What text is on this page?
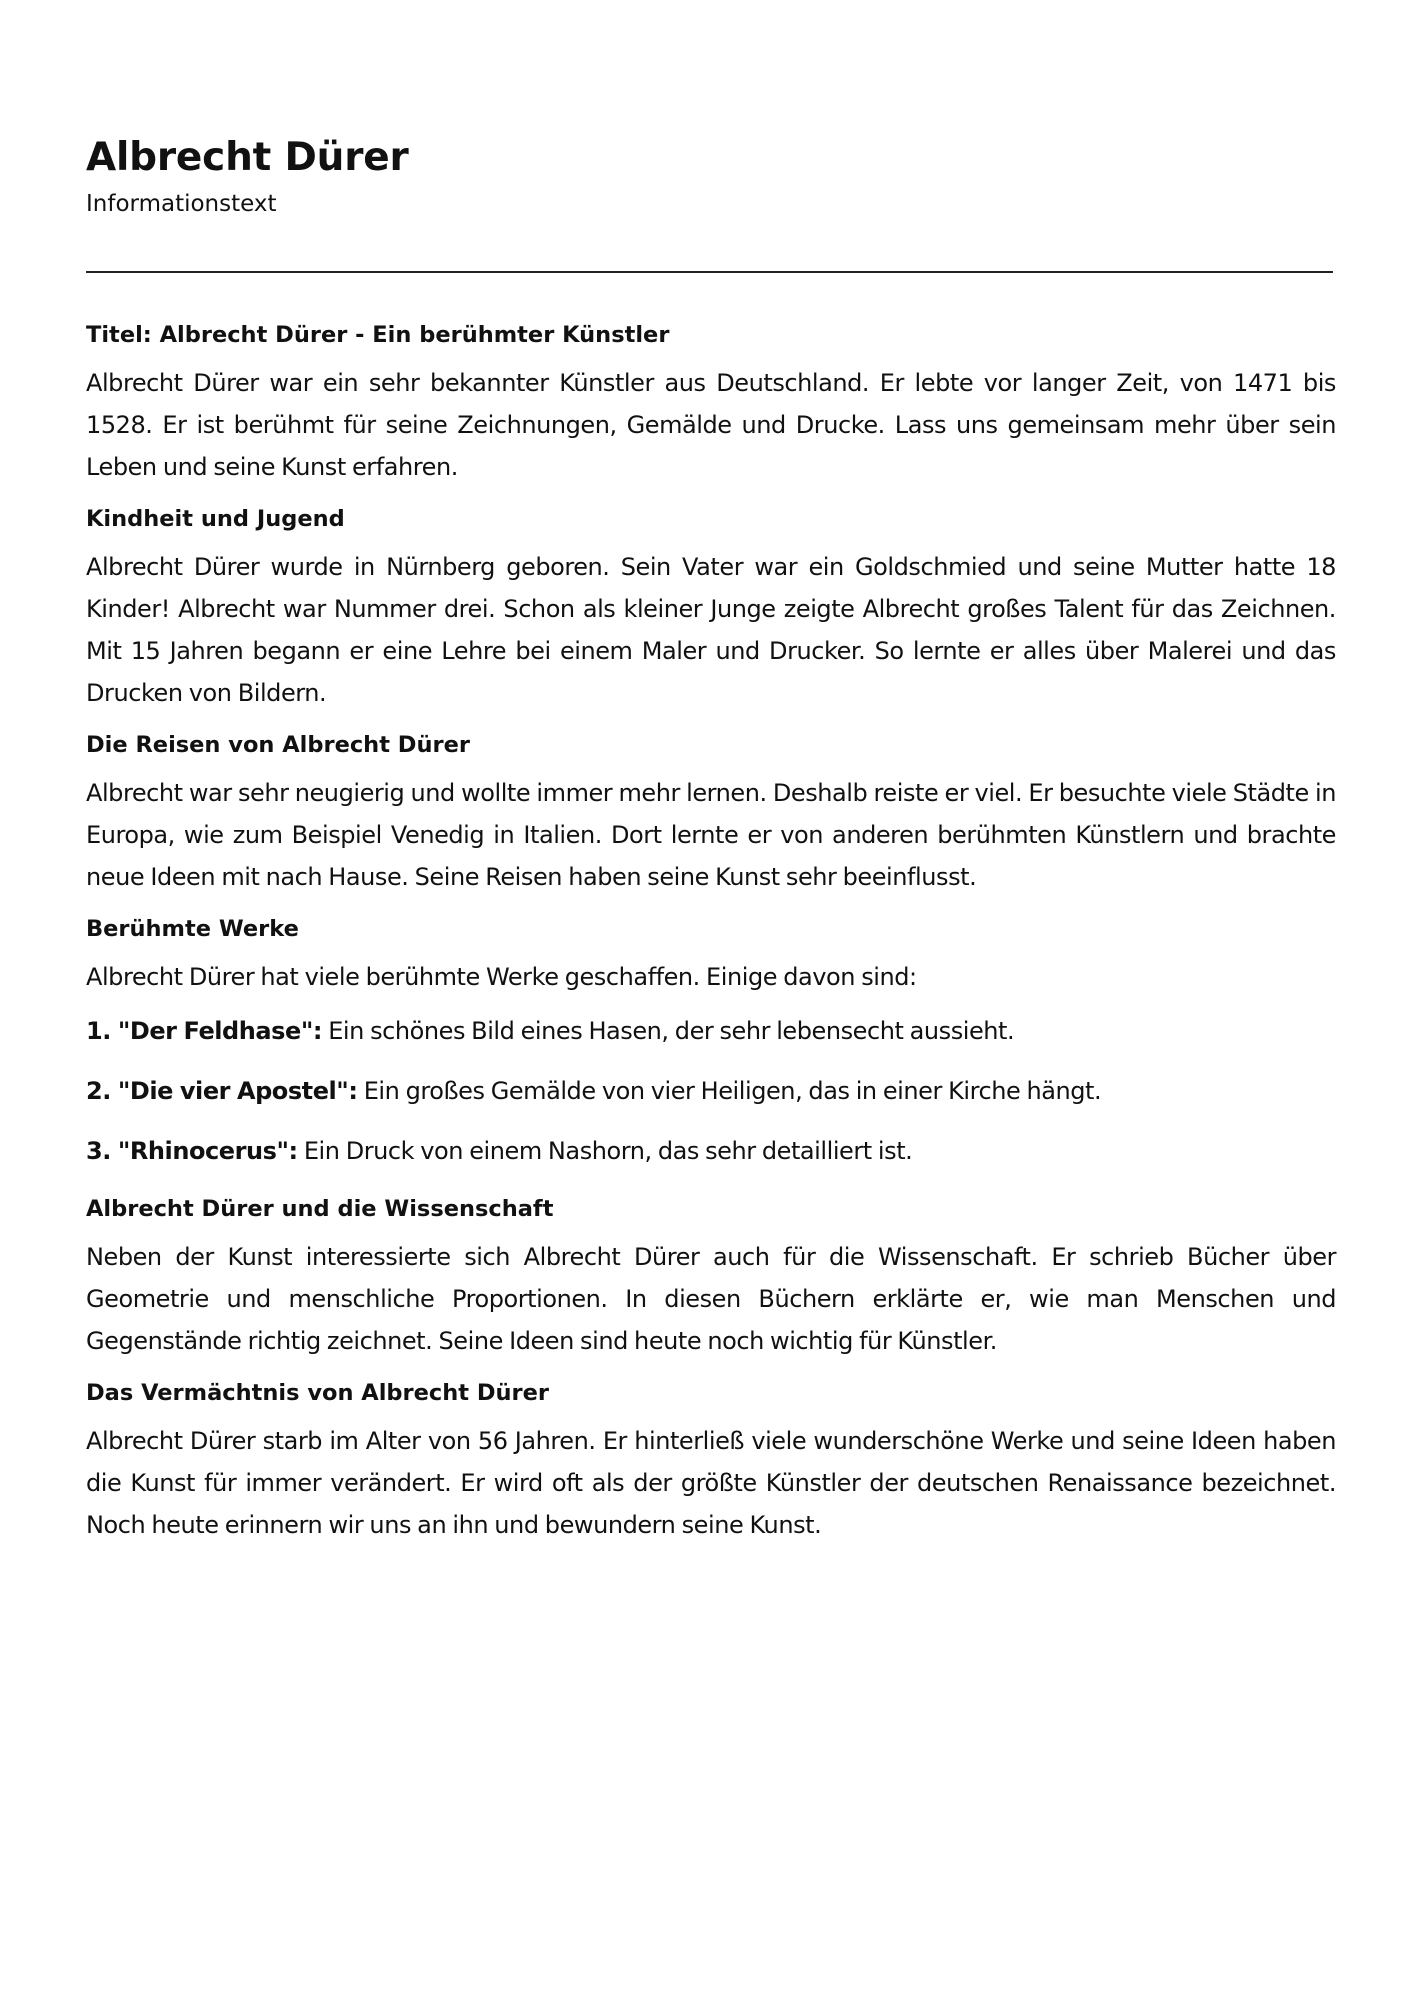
Albrecht Dürer

Informationstext

Titel: Albrecht Dürer - Ein berühmter Künstler

Albrecht Dürer war ein sehr bekannter Künstler aus Deutschland. Er lebte vor langer Zeit, von 1471 bis 1528. Er ist berühmt für seine Zeichnungen, Gemälde und Drucke. Lass uns gemeinsam mehr über sein Leben und seine Kunst erfahren.

Kindheit und Jugend

Albrecht Dürer wurde in Nürnberg geboren. Sein Vater war ein Goldschmied und seine Mutter hatte 18 Kinder! Albrecht war Nummer drei. Schon als kleiner Junge zeigte Albrecht großes Talent für das Zeichnen. Mit 15 Jahren begann er eine Lehre bei einem Maler und Drucker. So lernte er alles über Malerei und das Drucken von Bildern.

Die Reisen von Albrecht Dürer

Albrecht war sehr neugierig und wollte immer mehr lernen. Deshalb reiste er viel. Er besuchte viele Städte in Europa, wie zum Beispiel Venedig in Italien. Dort lernte er von anderen berühmten Künstlern und brachte neue Ideen mit nach Hause. Seine Reisen haben seine Kunst sehr beeinflusst.

Berühmte Werke

Albrecht Dürer hat viele berühmte Werke geschaffen. Einige davon sind:

1. "Der Feldhase": Ein schönes Bild eines Hasen, der sehr lebensecht aussieht.

2. "Die vier Apostel": Ein großes Gemälde von vier Heiligen, das in einer Kirche hängt.

3. "Rhinocerus": Ein Druck von einem Nashorn, das sehr detailliert ist.

Albrecht Dürer und die Wissenschaft

Neben der Kunst interessierte sich Albrecht Dürer auch für die Wissenschaft. Er schrieb Bücher über Geometrie und menschliche Proportionen. In diesen Büchern erklärte er, wie man Menschen und Gegenstände richtig zeichnet. Seine Ideen sind heute noch wichtig für Künstler.

Das Vermächtnis von Albrecht Dürer

Albrecht Dürer starb im Alter von 56 Jahren. Er hinterließ viele wunderschöne Werke und seine Ideen haben die Kunst für immer verändert. Er wird oft als der größte Künstler der deutschen Renaissance bezeichnet. Noch heute erinnern wir uns an ihn und bewundern seine Kunst.
